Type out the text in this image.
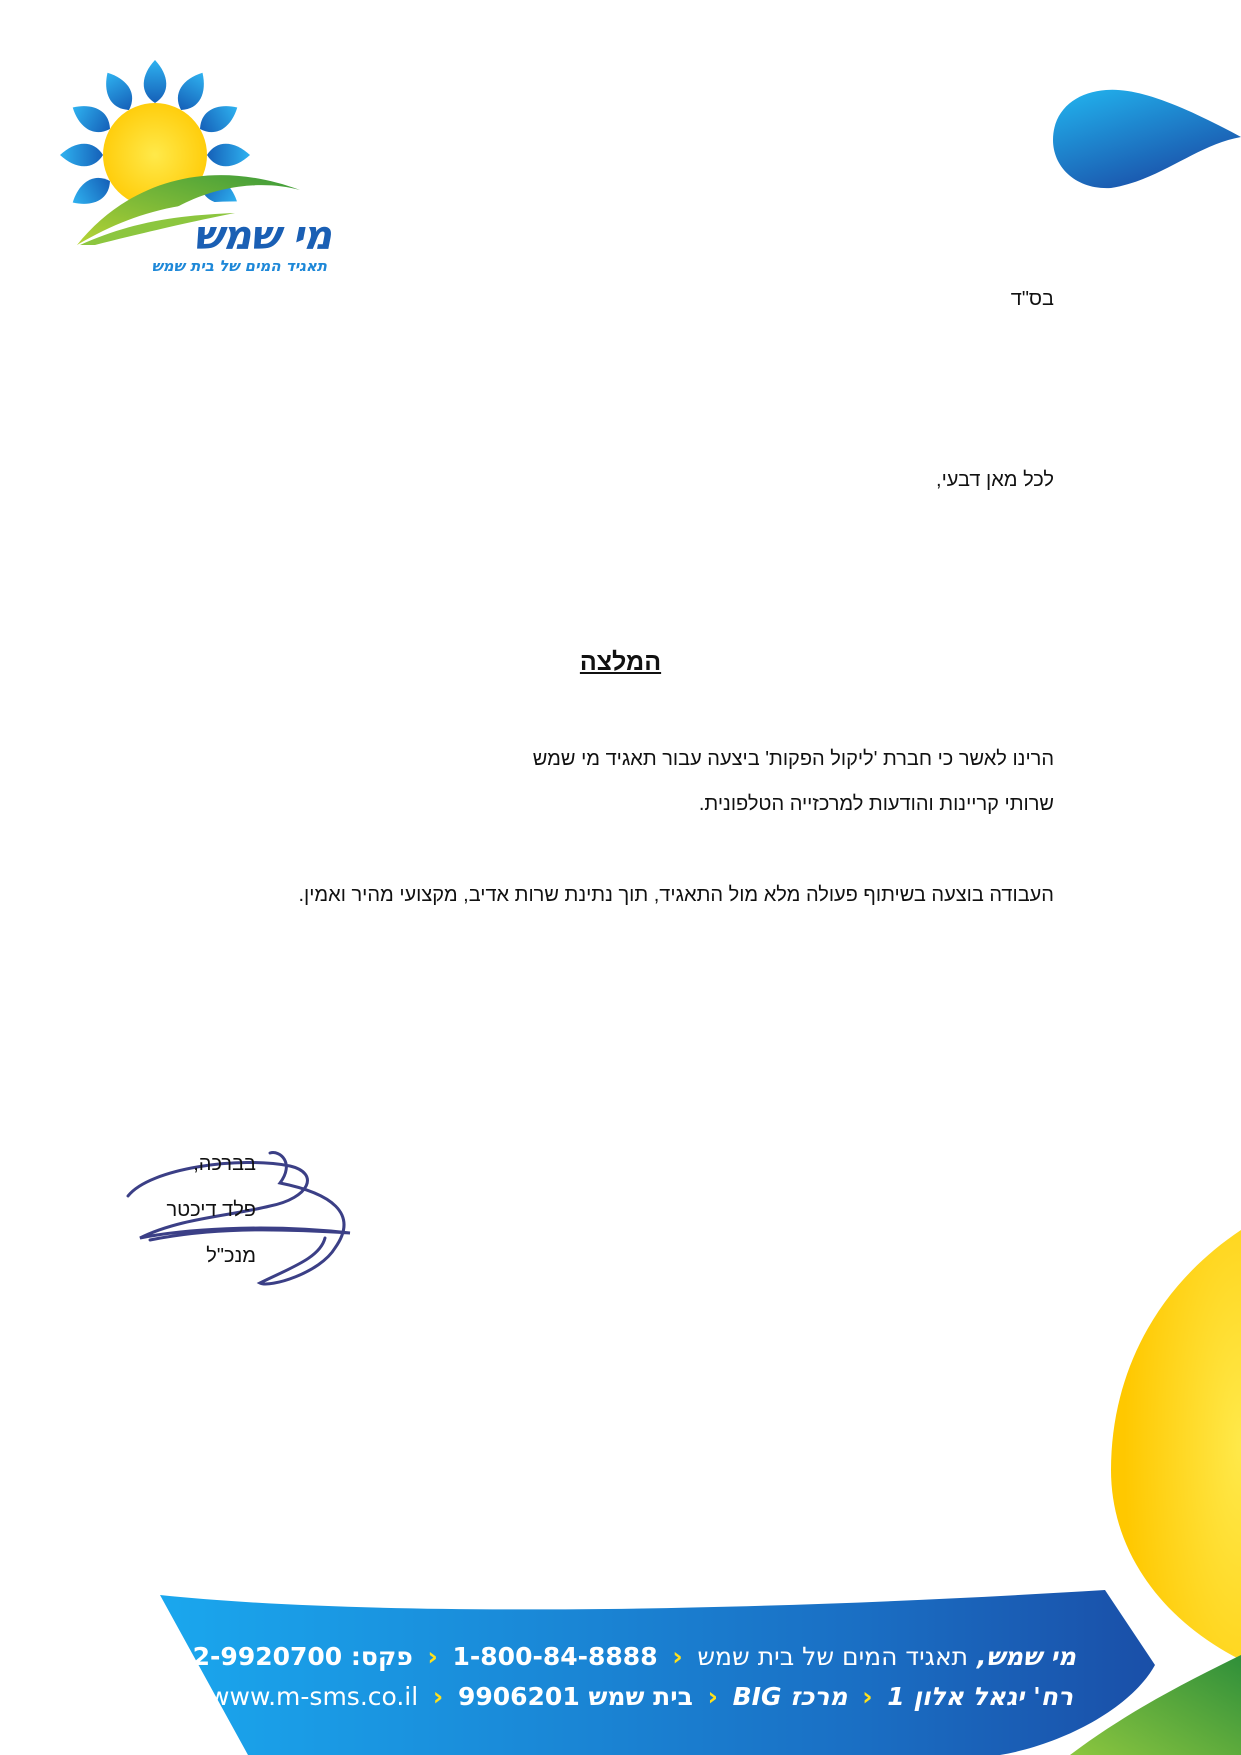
מי שמש
תאגיד המים של בית שמש
בס"ד
לכל מאן דבעי,
המלצה
הרינו לאשר כי חברת 'ליקול הפקות' ביצעה עבור תאגיד מי שמש
שרותי קריינות והודעות למרכזייה הטלפונית.
העבודה בוצעה בשיתוף פעולה מלא מול התאגיד, תוך נתינת שרות אדיב, מקצועי מהיר ואמין.
בברכה,
פלד דיכטר
מנכ"ל
מי שמש, תאגיד המים של בית שמש ‹ 1-800-84-8888 ‹ פקס: 02-9920700
רח' יגאל אלון 1 ‹ מרכז BIG ‹ בית שמש 9906201 ‹ www.m-sms.co.il
